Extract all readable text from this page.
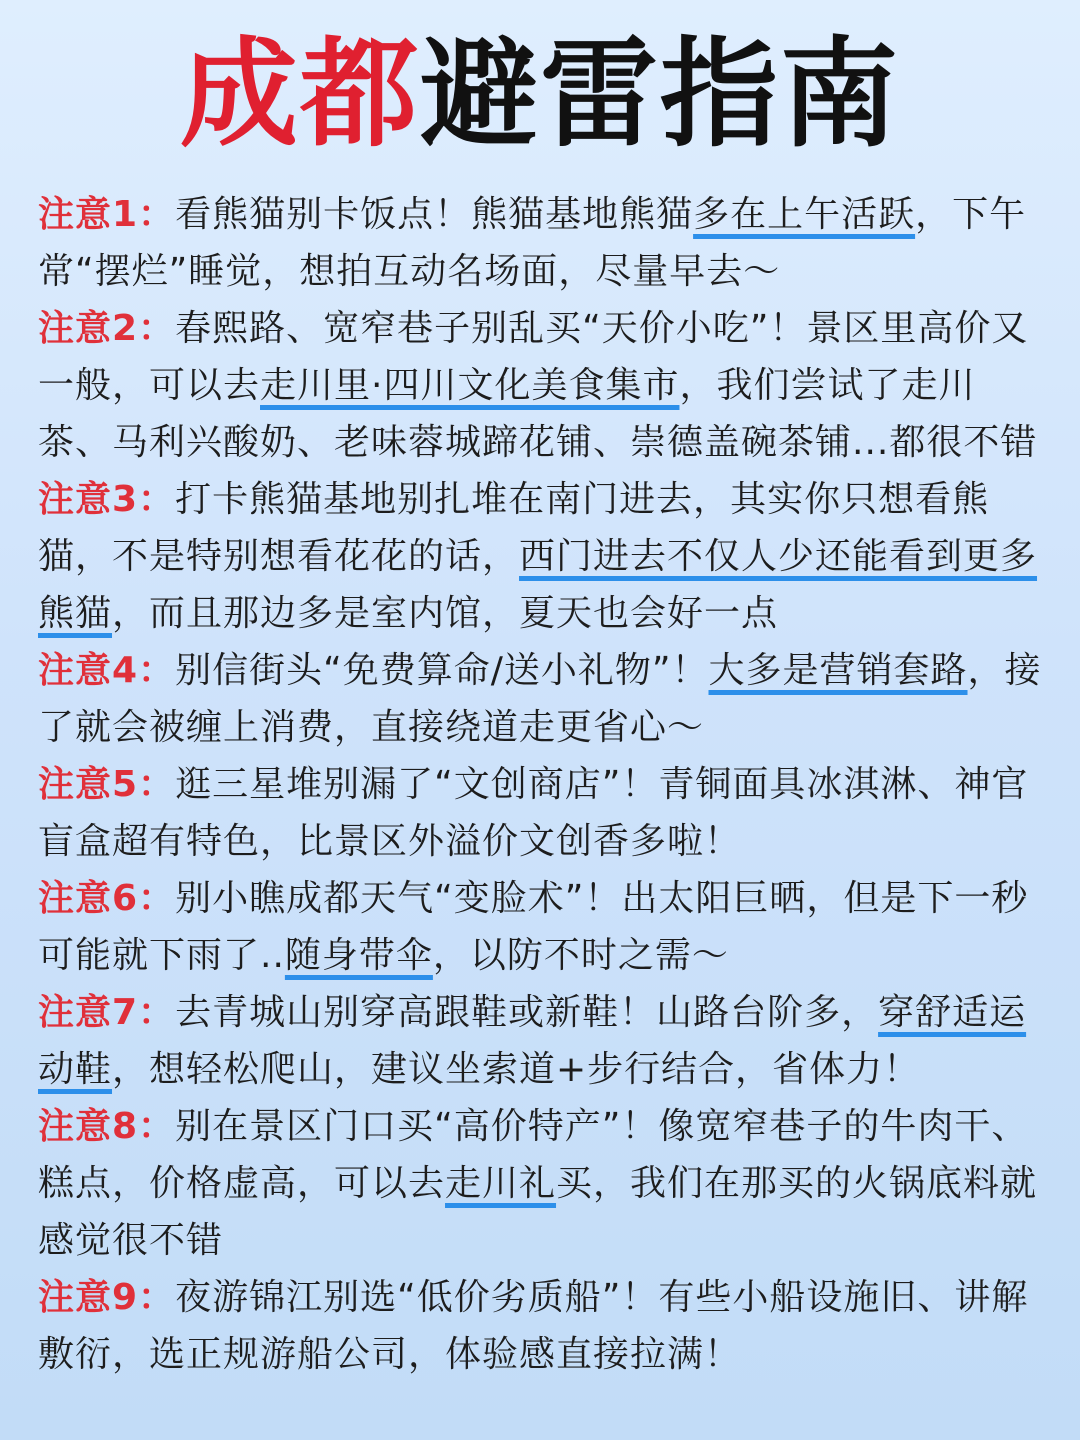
成都避雷指南

注意1：看熊猫别卡饭点！熊猫基地熊猫多在上午活跃，下午常“摆烂”睡觉，想拍互动名场面，尽量早去～

注意2：春熙路、宽窄巷子别乱买“天价小吃”！景区里高价又一般，可以去走川里·四川文化美食集市，我们尝试了走川茶、马利兴酸奶、老味蓉城蹄花铺、崇德盖碗茶铺...都很不错

注意3：打卡熊猫基地别扎堆在南门进去，其实你只想看熊猫，不是特别想看花花的话，西门进去不仅人少还能看到更多熊猫，而且那边多是室内馆，夏天也会好一点

注意4：别信街头“免费算命/送小礼物”！大多是营销套路，接了就会被缠上消费，直接绕道走更省心～

注意5：逛三星堆别漏了“文创商店”！青铜面具冰淇淋、神官盲盒超有特色，比景区外溢价文创香多啦！

注意6：别小瞧成都天气“变脸术”！出太阳巨晒，但是下一秒可能就下雨了..随身带伞，以防不时之需～

注意7：去青城山别穿高跟鞋或新鞋！山路台阶多，穿舒适运动鞋，想轻松爬山，建议坐索道+步行结合，省体力！

注意8：别在景区门口买“高价特产”！像宽窄巷子的牛肉干、糕点，价格虚高，可以去走川礼买，我们在那买的火锅底料就感觉很不错

注意9：夜游锦江别选“低价劣质船”！有些小船设施旧、讲解敷衍，选正规游船公司，体验感直接拉满！
